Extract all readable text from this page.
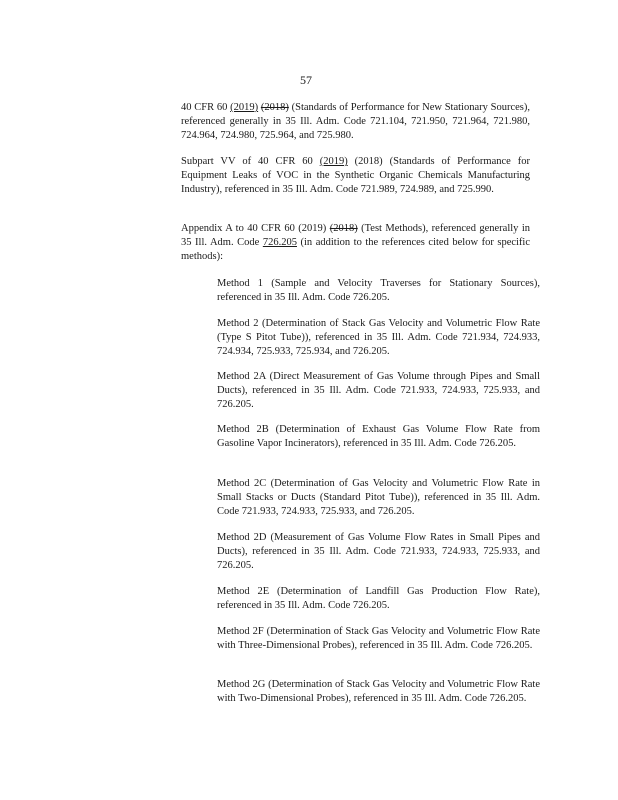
57

40 CFR 60 (2019) (2018) (Standards of Performance for New Stationary Sources), referenced generally in 35 Ill. Adm. Code 721.104, 721.950, 721.964, 721.980, 724.964, 724.980, 725.964, and 725.980.

Subpart VV of 40 CFR 60 (2019) (2018) (Standards of Performance for Equipment Leaks of VOC in the Synthetic Organic Chemicals Manufacturing Industry), referenced in 35 Ill. Adm. Code 721.989, 724.989, and 725.990.

Appendix A to 40 CFR 60 (2019) (2018) (Test Methods), referenced generally in 35 Ill. Adm. Code 726.205 (in addition to the references cited below for specific methods):

Method 1 (Sample and Velocity Traverses for Stationary Sources), referenced in 35 Ill. Adm. Code 726.205.

Method 2 (Determination of Stack Gas Velocity and Volumetric Flow Rate (Type S Pitot Tube)), referenced in 35 Ill. Adm. Code 721.934, 724.933, 724.934, 725.933, 725.934, and 726.205.

Method 2A (Direct Measurement of Gas Volume through Pipes and Small Ducts), referenced in 35 Ill. Adm. Code 721.933, 724.933, 725.933, and 726.205.

Method 2B (Determination of Exhaust Gas Volume Flow Rate from Gasoline Vapor Incinerators), referenced in 35 Ill. Adm. Code 726.205.

Method 2C (Determination of Gas Velocity and Volumetric Flow Rate in Small Stacks or Ducts (Standard Pitot Tube)), referenced in 35 Ill. Adm. Code 721.933, 724.933, 725.933, and 726.205.

Method 2D (Measurement of Gas Volume Flow Rates in Small Pipes and Ducts), referenced in 35 Ill. Adm. Code 721.933, 724.933, 725.933, and 726.205.

Method 2E (Determination of Landfill Gas Production Flow Rate), referenced in 35 Ill. Adm. Code 726.205.

Method 2F (Determination of Stack Gas Velocity and Volumetric Flow Rate with Three-Dimensional Probes), referenced in 35 Ill. Adm. Code 726.205.

Method 2G (Determination of Stack Gas Velocity and Volumetric Flow Rate with Two-Dimensional Probes), referenced in 35 Ill. Adm. Code 726.205.
